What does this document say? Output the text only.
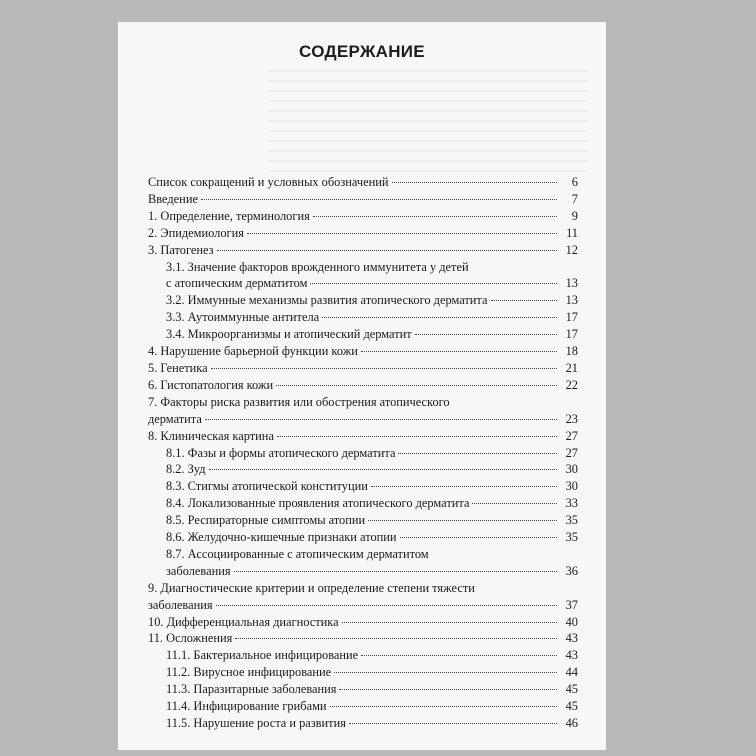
СОДЕРЖАНИЕ
Список сокращений и условных обозначений	6
Введение	7
1. Определение, терминология	9
2. Эпидемиология	11
3. Патогенез	12
3.1. Значение факторов врожденного иммунитета у детей
с атопическим дерматитом	13
3.2. Иммунные механизмы развития атопического дерматита	13
3.3. Аутоиммунные антитела	17
3.4. Микроорганизмы и атопический дерматит	17
4. Нарушение барьерной функции кожи	18
5. Генетика	21
6. Гистопатология кожи	22
7. Факторы риска развития или обострения атопического
дерматита	23
8. Клиническая картина	27
8.1. Фазы и формы атопического дерматита	27
8.2. Зуд	30
8.3. Стигмы атопической конституции	30
8.4. Локализованные проявления атопического дерматита	33
8.5. Респираторные симптомы атопии	35
8.6. Желудочно-кишечные признаки атопии	35
8.7. Ассоциированные с атопическим дерматитом
заболевания	36
9. Диагностические критерии и определение степени тяжести
заболевания	37
10. Дифференциальная диагностика	40
11. Осложнения	43
11.1. Бактериальное инфицирование	43
11.2. Вирусное инфицирование	44
11.3. Паразитарные заболевания	45
11.4. Инфицирование грибами	45
11.5. Нарушение роста и развития	46
